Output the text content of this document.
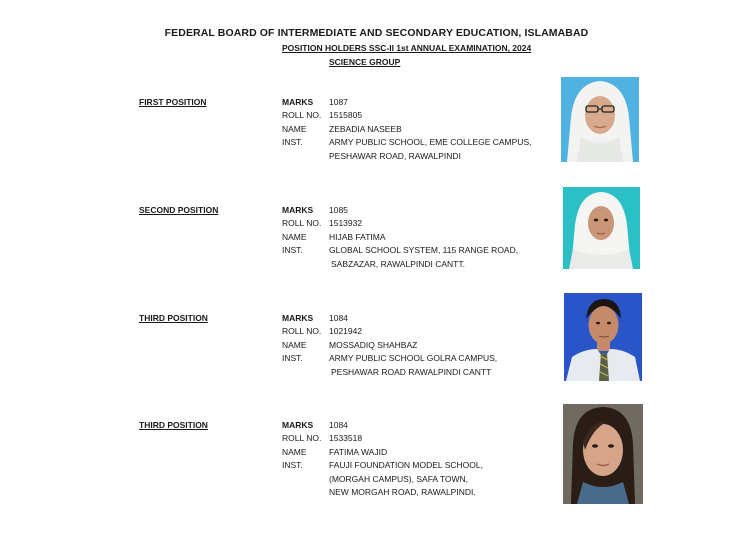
FEDERAL BOARD OF INTERMEDIATE AND SECONDARY EDUCATION, ISLAMABAD
POSITION HOLDERS SSC-II 1st ANNUAL EXAMINATION, 2024
SCIENCE GROUP
FIRST POSITION	MARKS 1087
ROLL NO. 1515805
NAME	ZEBADIA NASEEB
INST.	ARMY PUBLIC SCHOOL, EME COLLEGE CAMPUS,
PESHAWAR ROAD, RAWALPINDI
SECOND POSITION	MARKS 1085
ROLL NO. 1513932
NAME	HIJAB FATIMA
INST.	GLOBAL SCHOOL SYSTEM, 115 RANGE ROAD,
SABZAZAR, RAWALPINDI CANTT.
THIRD POSITION	MARKS 1084
ROLL NO. 1021942
NAME	MOSSADIQ SHAHBAZ
INST.	ARMY PUBLIC SCHOOL GOLRA CAMPUS,
PESHAWAR ROAD RAWALPINDI CANTT
THIRD POSITION	MARKS 1084
ROLL NO. 1533518
NAME	FATIMA WAJID
INST.	FAUJI FOUNDATION MODEL SCHOOL,
(MORGAH CAMPUS), SAFA TOWN,
NEW MORGAH ROAD, RAWALPINDI.
